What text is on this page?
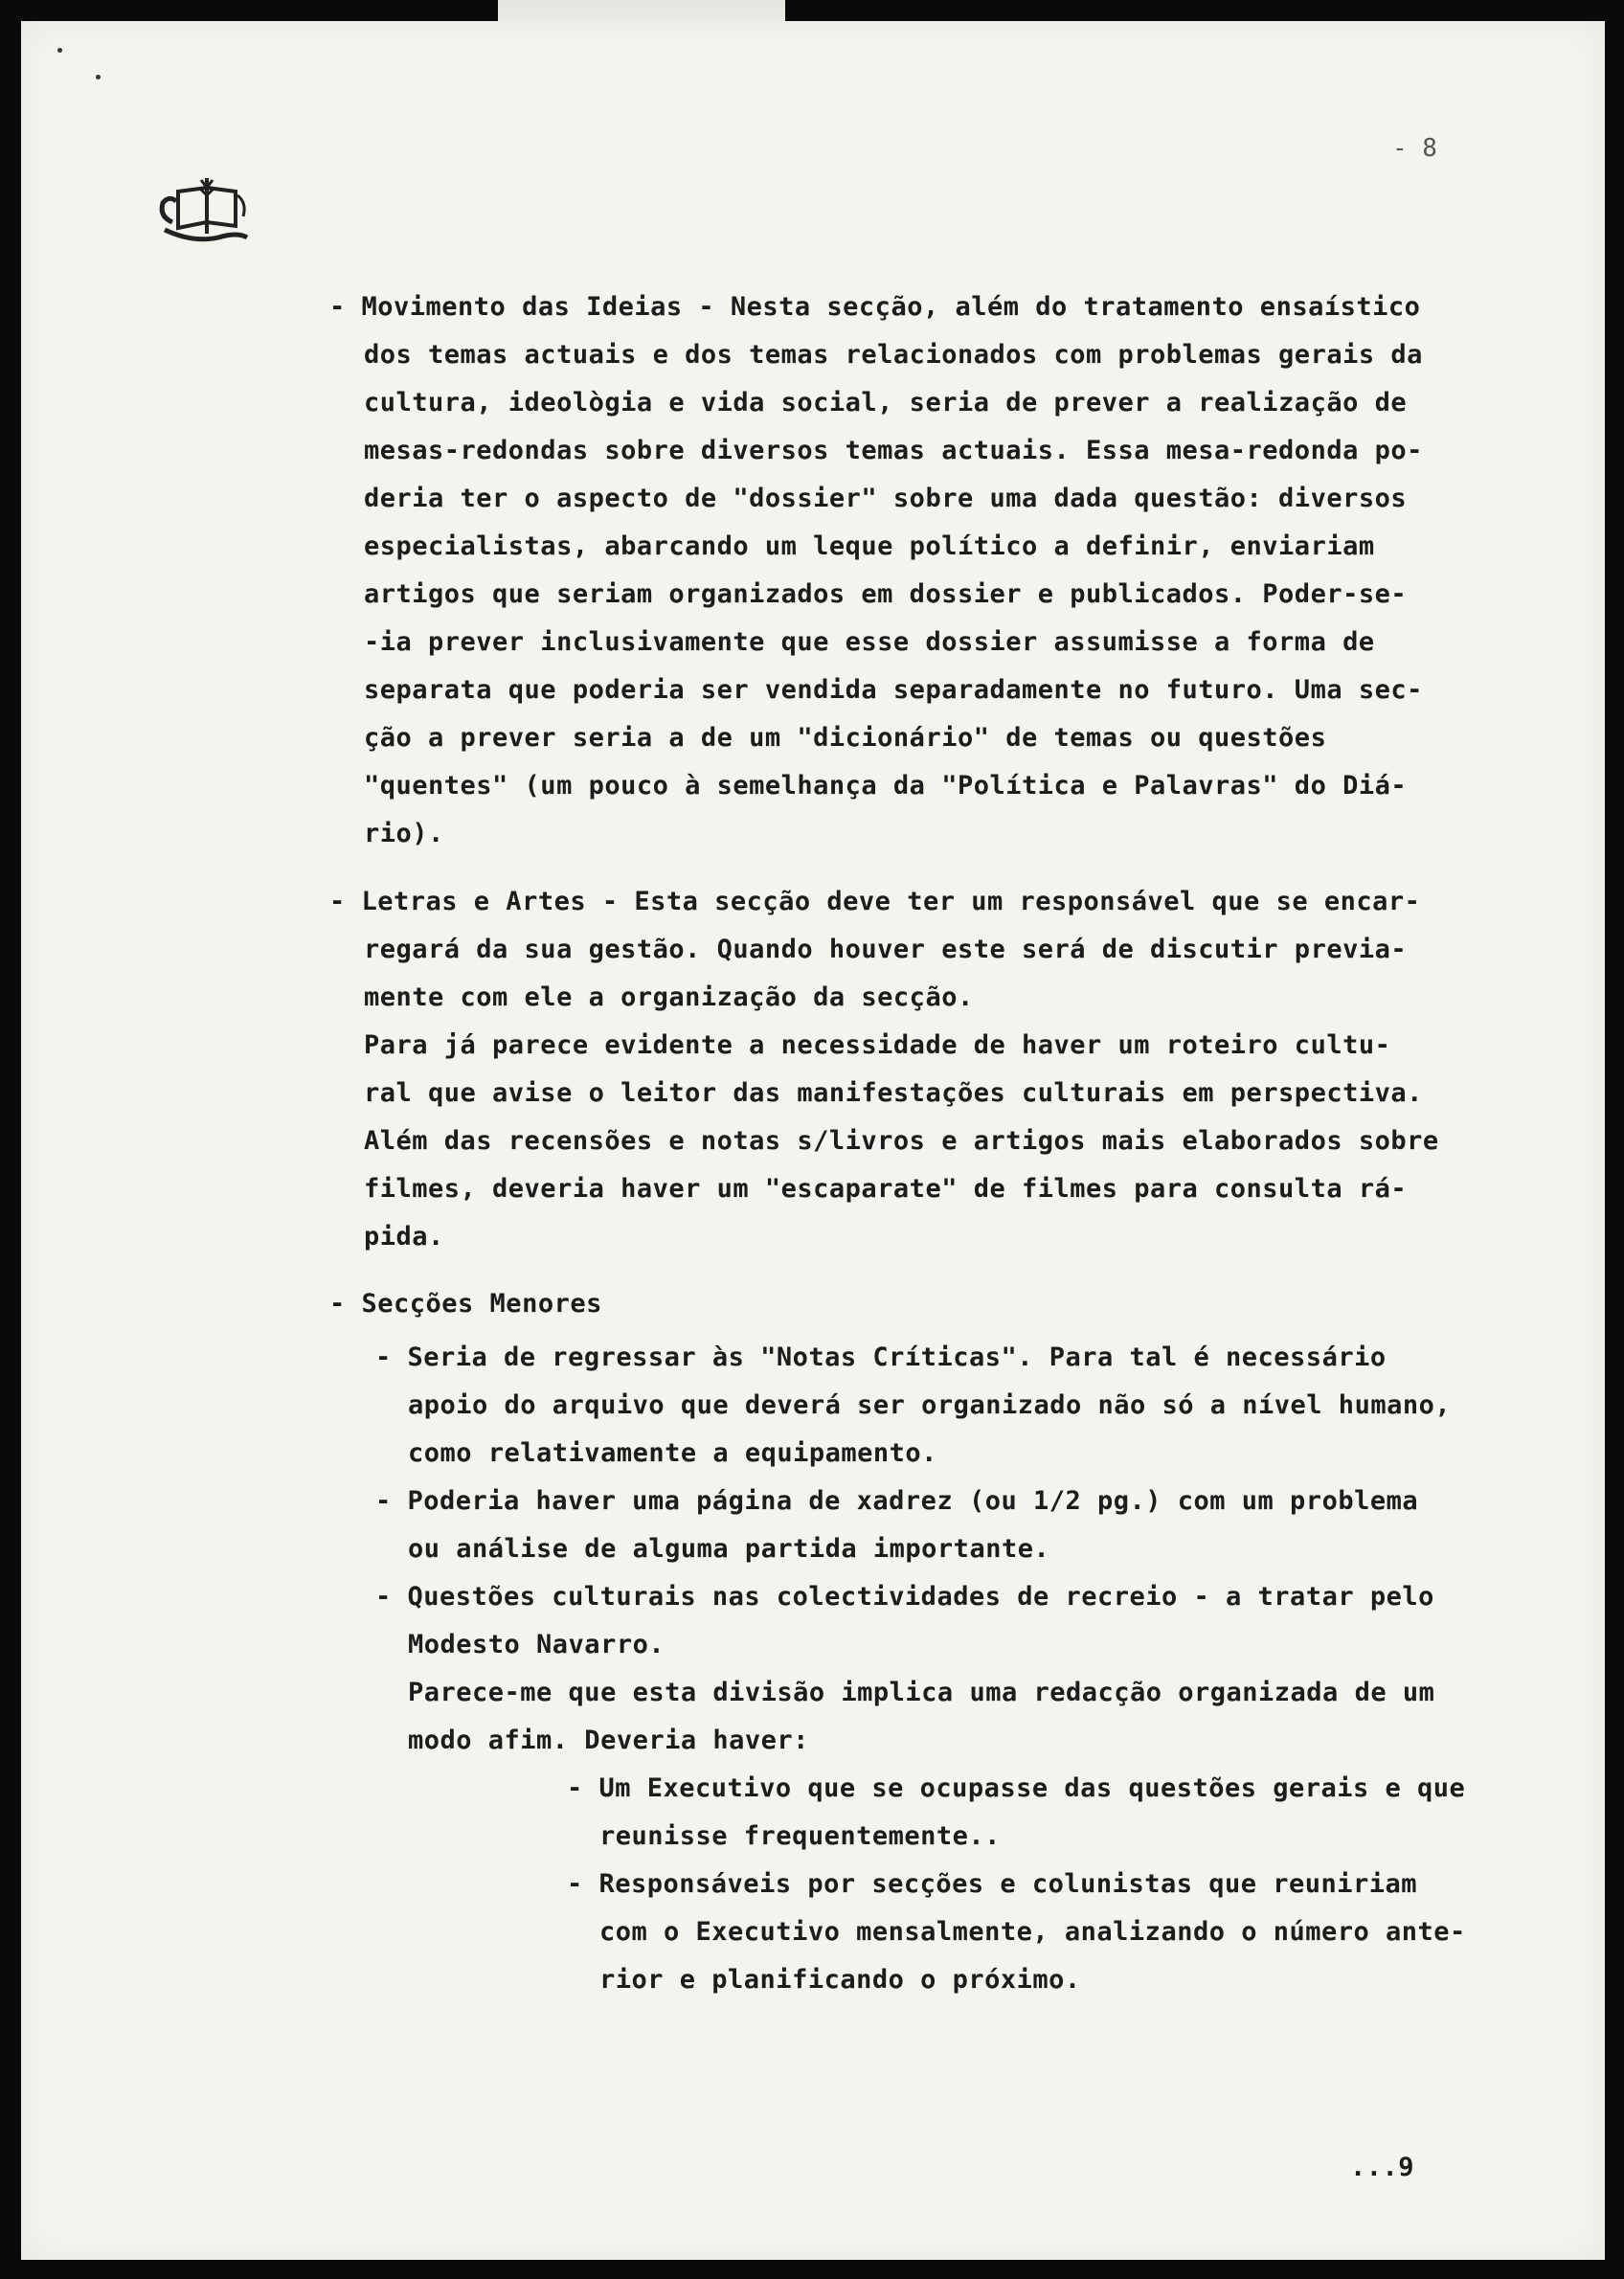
- 8

- Movimento das Ideias - Nesta secção, além do tratamento ensaístico

dos temas actuais e dos temas relacionados com problemas gerais da

cultura, ideològia e vida social, seria de prever a realização de

mesas-redondas sobre diversos temas actuais. Essa mesa-redonda po-

deria ter o aspecto de "dossier" sobre uma dada questão: diversos

especialistas, abarcando um leque político a definir, enviariam

artigos que seriam organizados em dossier e publicados. Poder-se-

-ia prever inclusivamente que esse dossier assumisse a forma de

separata que poderia ser vendida separadamente no futuro. Uma sec-

ção a prever seria a de um "dicionário" de temas ou questões

"quentes" (um pouco à semelhança da "Política e Palavras" do Diá-

rio).

- Letras e Artes - Esta secção deve ter um responsável que se encar-

regará da sua gestão. Quando houver este será de discutir previa-

mente com ele a organização da secção.

Para já parece evidente a necessidade de haver um roteiro cultu-

ral que avise o leitor das manifestações culturais em perspectiva.

Além das recensões e notas s/livros e artigos mais elaborados sobre

filmes, deveria haver um "escaparate" de filmes para consulta rá-

pida.

- Secções Menores

- Seria de regressar às "Notas Críticas". Para tal é necessário

apoio do arquivo que deverá ser organizado não só a nível humano,

como relativamente a equipamento.

- Poderia haver uma página de xadrez (ou 1/2 pg.) com um problema

ou análise de alguma partida importante.

- Questões culturais nas colectividades de recreio - a tratar pelo

Modesto Navarro.

Parece-me que esta divisão implica uma redacção organizada de um

modo afim. Deveria haver:

- Um Executivo que se ocupasse das questões gerais e que

reunisse frequentemente..

- Responsáveis por secções e colunistas que reuniriam

com o Executivo mensalmente, analizando o número ante-

rior e planificando o próximo.

...9
